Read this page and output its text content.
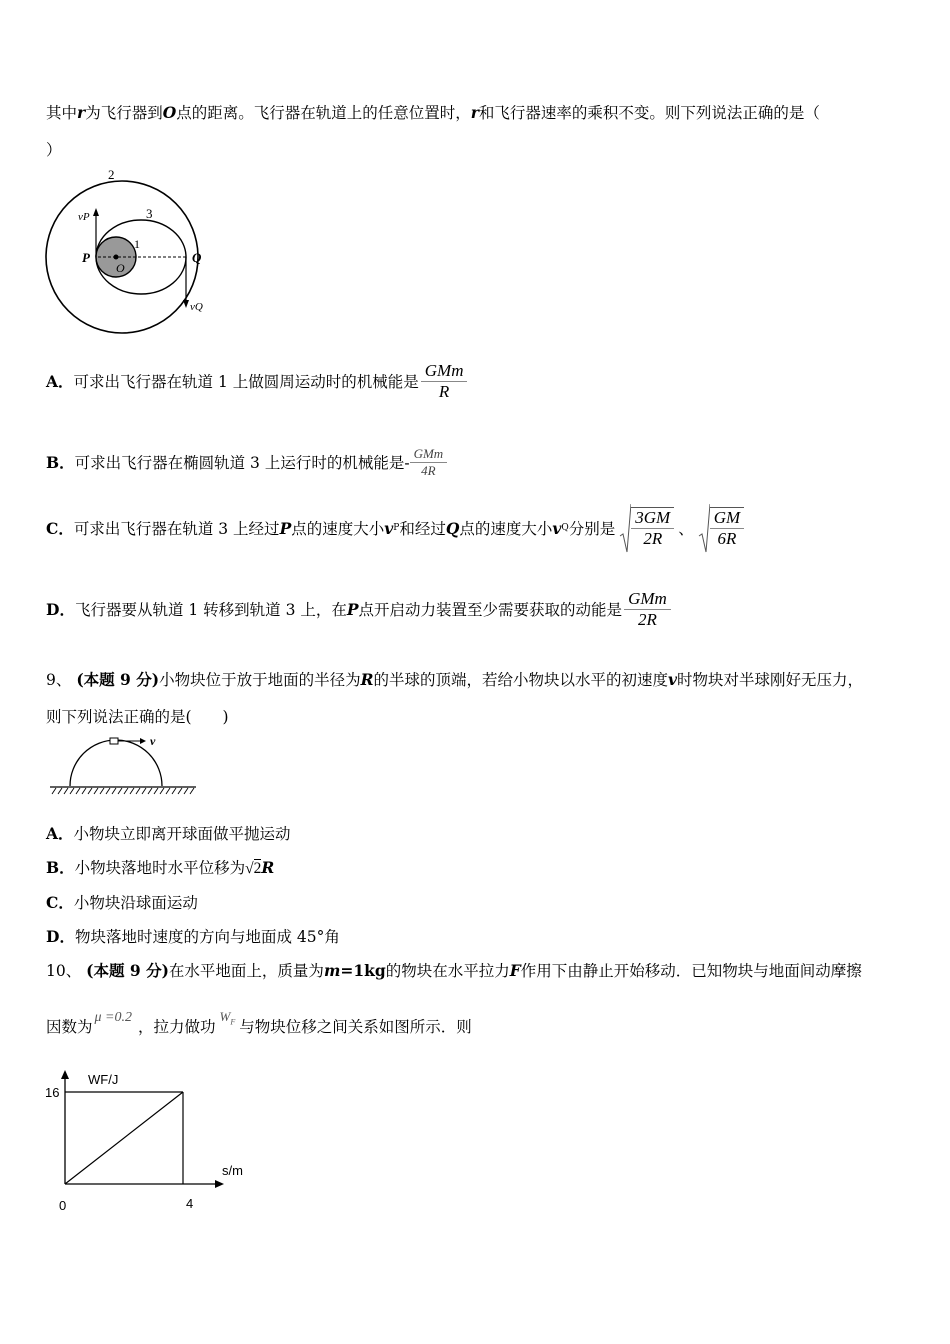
其中r为飞行器到O点的距离。飞行器在轨道上的任意位置时，r和飞行器速率的乘积不变。则下列说法正确的是（
）
2
3
1
P
O
Q
vP
vQ
A． 可求出飞行器在轨道 1 上做圆周运动时的机械能是 $\frac{\text{GMm}}{R}$
B． 可求出飞行器在椭圆轨道 3 上运行时的机械能是- $\frac{\text{GMm}}{4R}$
C． 可求出飞行器在轨道 3 上经过 P 点的速度大小 v P 和经过 Q 点的速度大小 v Q 分别是 $\frac{3GM}{2R}$ 、 $\frac{GM}{6R}$
D． 飞行器要从轨道 1 转移到轨道 3 上，在 P 点开启动力装置至少需要获取的动能是 $\frac{\text{GMm}}{2R}$
9、 (本题 9 分)小物块位于放于地面的半径为R的半球的顶端，若给小物块以水平的初速度v时物块对半球刚好无压力，
则下列说法正确的是(　　)
v
A．小物块立即离开球面做平抛运动
B．小物块落地时水平位移为√2R
C．小物块沿球面运动
D．物块落地时速度的方向与地面成 45°角
10、 (本题 9 分)在水平地面上，质量为m=1kg的物块在水平拉力F作用下由静止开始移动．已知物块与地面间动摩擦
因数为
μ =0.2
，拉力做功
$W_F$ 与物块位移之间关系如图所示．则
WF/J
s/m
16
0	4
